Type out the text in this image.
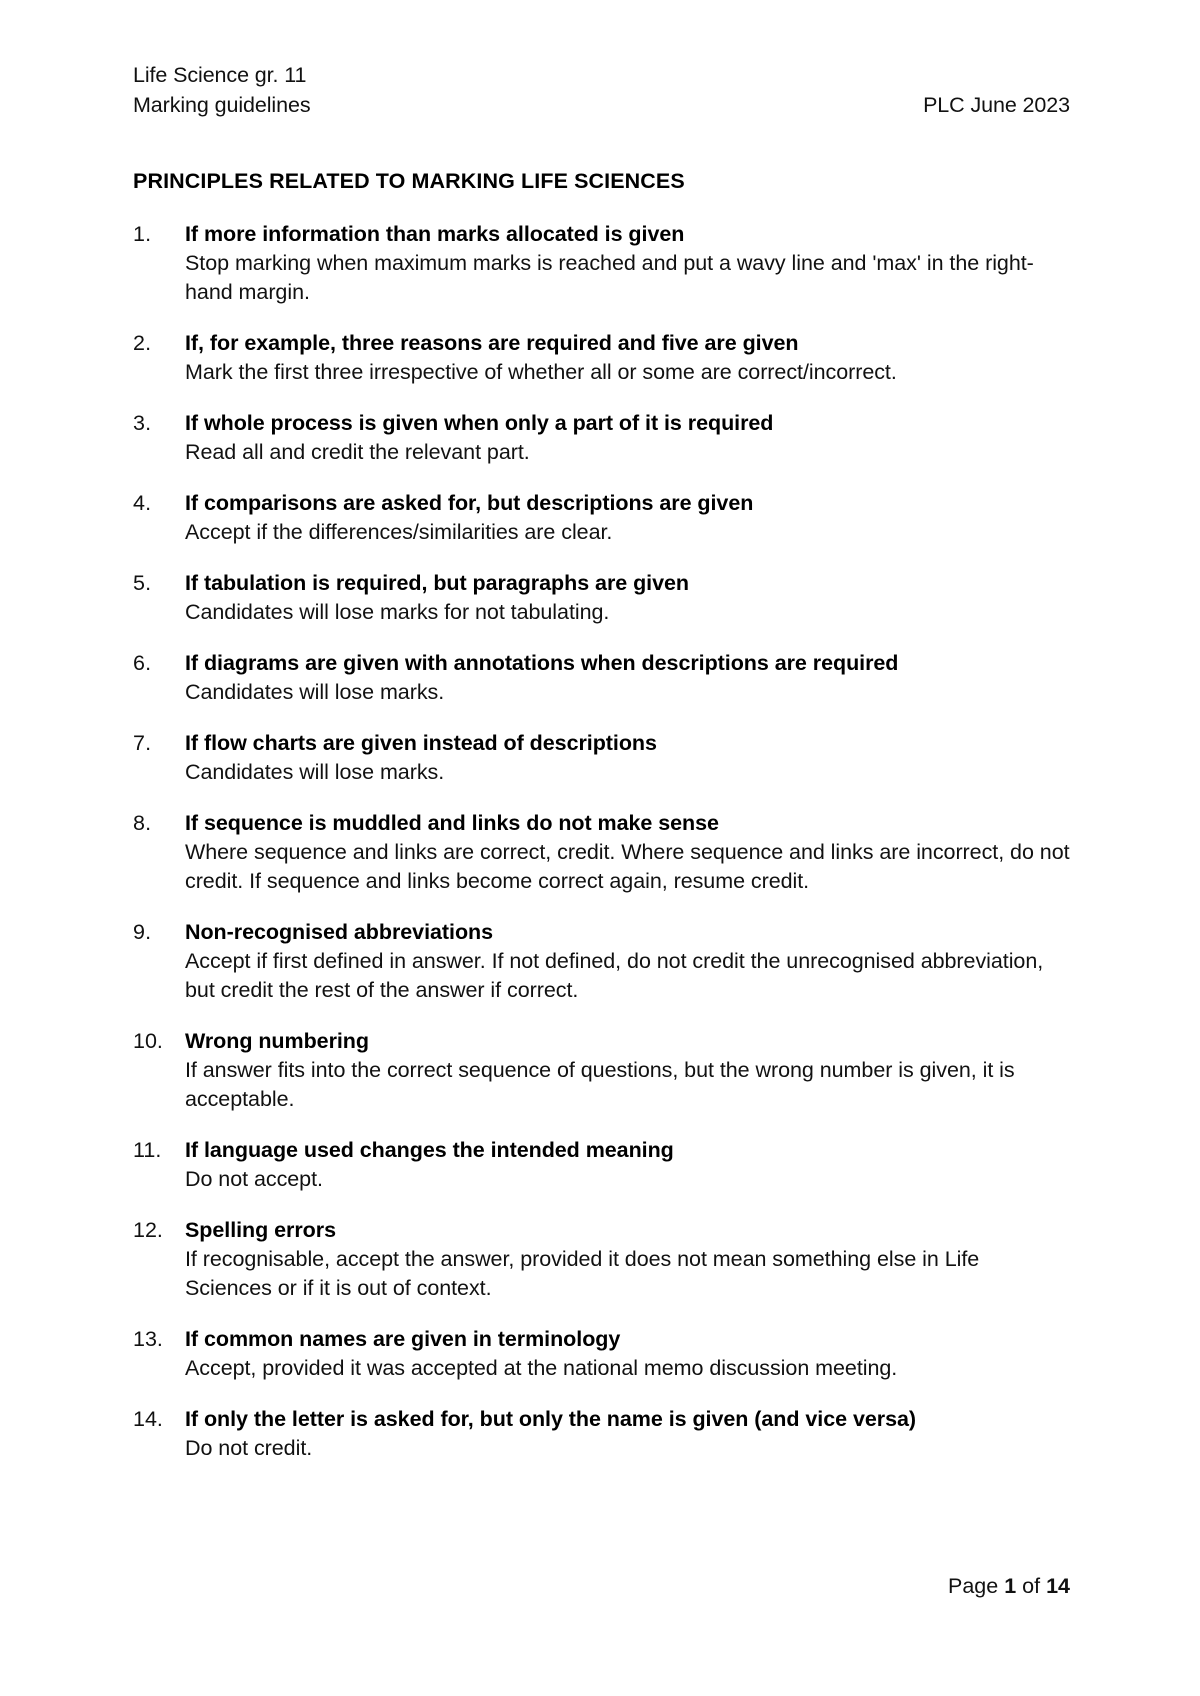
Life Science gr. 11
Marking guidelines	PLC June 2023
PRINCIPLES RELATED TO MARKING LIFE SCIENCES
1.	If more information than marks allocated is given
Stop marking when maximum marks is reached and put a wavy line and 'max' in the right-hand margin.
2.	If, for example, three reasons are required and five are given
Mark the first three irrespective of whether all or some are correct/incorrect.
3.	If whole process is given when only a part of it is required
Read all and credit the relevant part.
4.	If comparisons are asked for, but descriptions are given
Accept if the differences/similarities are clear.
5.	If tabulation is required, but paragraphs are given
Candidates will lose marks for not tabulating.
6.	If diagrams are given with annotations when descriptions are required
Candidates will lose marks.
7.	If flow charts are given instead of descriptions
Candidates will lose marks.
8.	If sequence is muddled and links do not make sense
Where sequence and links are correct, credit. Where sequence and links are incorrect, do not credit. If sequence and links become correct again, resume credit.
9.	Non-recognised abbreviations
Accept if first defined in answer. If not defined, do not credit the unrecognised abbreviation, but credit the rest of the answer if correct.
10.	Wrong numbering
If answer fits into the correct sequence of questions, but the wrong number is given, it is acceptable.
11.	If language used changes the intended meaning
Do not accept.
12.	Spelling errors
If recognisable, accept the answer, provided it does not mean something else in Life Sciences or if it is out of context.
13.	If common names are given in terminology
Accept, provided it was accepted at the national memo discussion meeting.
14.	If only the letter is asked for, but only the name is given (and vice versa)
Do not credit.
Page 1 of 14
